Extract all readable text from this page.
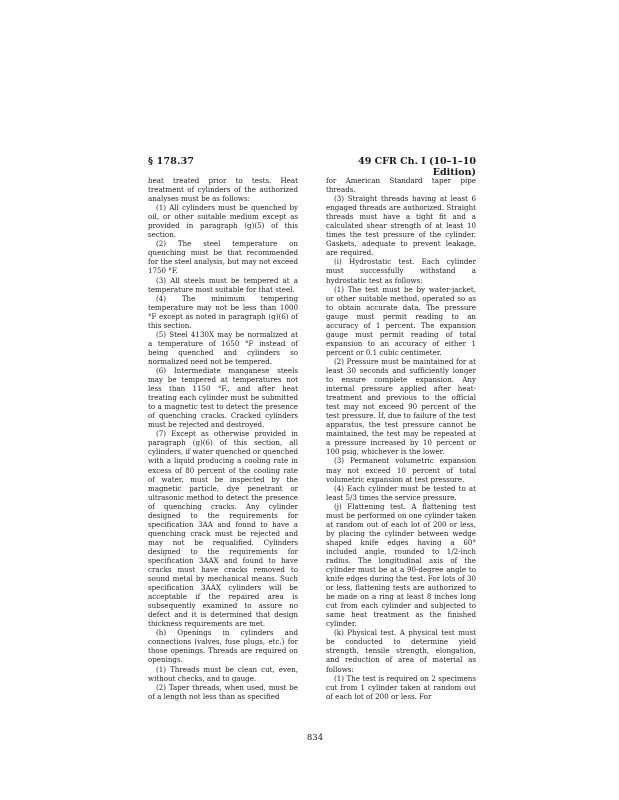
§ 178.37	49 CFR Ch. I (10–1–10 Edition)

heat treated prior to tests. Heat treatment of cylinders of the authorized analyses must be as follows:

(1) All cylinders must be quenched by oil, or other suitable medium except as provided in paragraph (g)(5) of this section.

(2) The steel temperature on quenching must be that recommended for the steel analysis, but may not exceed 1750 °F.

(3) All steels must be tempered at a temperature most suitable for that steel.

(4) The minimum tempering temperature may not be less than 1000 °F except as noted in paragraph (g)(6) of this section.

(5) Steel 4130X may be normalized at a temperature of 1650 °F instead of being quenched and cylinders so normalized need not be tempered.

(6) Intermediate manganese steels may be tempered at temperatures not less than 1150 °F., and after heat treating each cylinder must be submitted to a magnetic test to detect the presence of quenching cracks. Cracked cylinders must be rejected and destroyed.

(7) Except as otherwise provided in paragraph (g)(6) of this section, all cylinders, if water quenched or quenched with a liquid producing a cooling rate in excess of 80 percent of the cooling rate of water, must be inspected by the magnetic particle, dye penetrant or ultrasonic method to detect the presence of quenching cracks. Any cylinder designed to the requirements for specification 3AA and found to have a quenching crack must be rejected and may not be requalified. Cylinders designed to the requirements for specification 3AAX and found to have cracks must have cracks removed to sound metal by mechanical means. Such specification 3AAX cylinders will be acceptable if the repaired area is subsequently examined to assure no defect and it is determined that design thickness requirements are met.

(h) Openings in cylinders and connections (valves, fuse plugs, etc.) for those openings. Threads are required on openings.

(1) Threads must be clean cut, even, without checks, and to gauge.

(2) Taper threads, when used, must be of a length not less than as specified

for American Standard taper pipe threads.

(3) Straight threads having at least 6 engaged threads are authorized. Straight threads must have a tight fit and a calculated shear strength of at least 10 times the test pressure of the cylinder. Gaskets, adequate to prevent leakage, are required.

(i) Hydrostatic test. Each cylinder must successfully withstand a hydrostatic test as follows:

(1) The test must be by water-jacket, or other suitable method, operated so as to obtain accurate data. The pressure gauge must permit reading to an accuracy of 1 percent. The expansion gauge must permit reading of total expansion to an accuracy of either 1 percent or 0.1 cubic centimeter.

(2) Pressure must be maintained for at least 30 seconds and sufficiently longer to ensure complete expansion. Any internal pressure applied after heat-treatment and previous to the official test may not exceed 90 percent of the test pressure. If, due to failure of the test apparatus, the test pressure cannot be maintained, the test may be repeated at a pressure increased by 10 percent or 100 psig, whichever is the lower.

(3) Permanent volumetric expansion may not exceed 10 percent of total volumetric expansion at test pressure.

(4) Each cylinder must be tested to at least 5/3 times the service pressure.

(j) Flattening test. A flattening test must be performed on one cylinder taken at random out of each lot of 200 or less, by placing the cylinder between wedge shaped knife edges having a 60° included angle, rounded to 1/2-inch radius. The longitudinal axis of the cylinder must be at a 90-degree angle to knife edges during the test. For lots of 30 or less, flattening tests are authorized to be made on a ring at least 8 inches long cut from each cylinder and subjected to same heat treatment as the finished cylinder.

(k) Physical test. A physical test must be conducted to determine yield strength, tensile strength, elongation, and reduction of area of material as follows:

(1) The test is required on 2 specimens cut from 1 cylinder taken at random out of each lot of 200 or less. For

834
